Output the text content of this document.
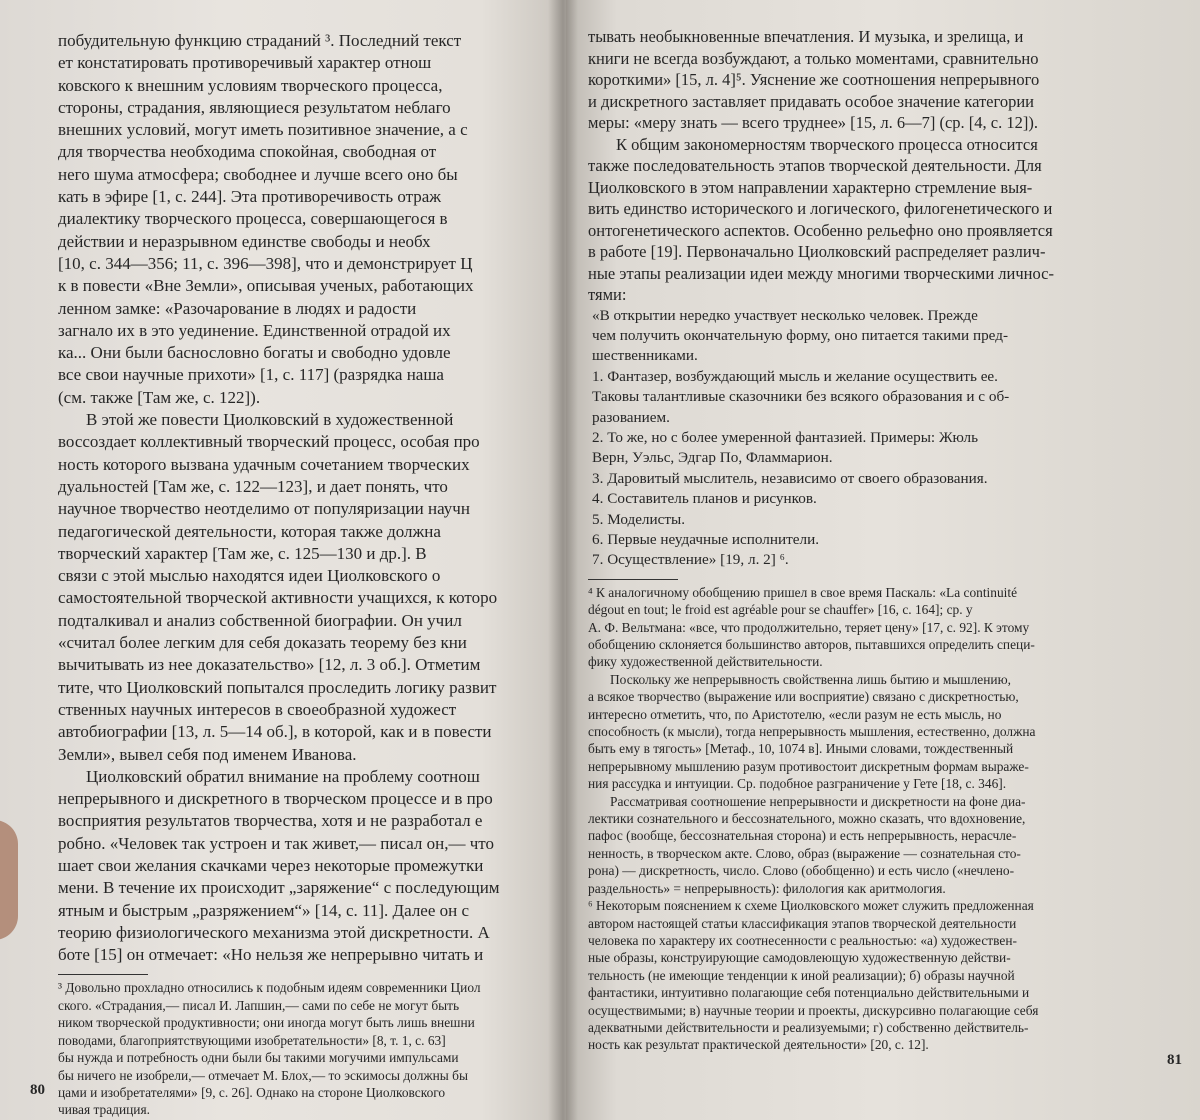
побудительную функцию страданий ³. Последний текст

ет констатировать противоречивый характер отнош

ковского к внешним условиям творческого процесса,

стороны, страдания, являющиеся результатом неблаго

внешних условий, могут иметь позитивное значение, а с

для творчества необходима спокойная, свободная от

него шума атмосфера; свободнее и лучше всего оно бы

кать в эфире [1, с. 244]. Эта противоречивость отраж

диалектику творческого процесса, совершающегося в

действии и неразрывном единстве свободы и необх

[10, с. 344—356; 11, с. 396—398], что и демонстрирует Ц

к в повести «Вне Земли», описывая ученых, работающих

ленном замке: «Разочарование в людях и радости

загнало их в это уединение. Единственной отрадой их

ка... Они были баснословно богаты и свободно удовле

все свои научные прихоти» [1, с. 117] (разрядка наша

(см. также [Там же, с. 122]).

В этой же повести Циолковский в художественной

воссоздает коллективный творческий процесс, особая про

ность которого вызвана удачным сочетанием творческих

дуальностей [Там же, с. 122—123], и дает понять, что

научное творчество неотделимо от популяризации научн

педагогической деятельности, которая также должна

творческий характер [Там же, с. 125—130 и др.]. В

связи с этой мыслью находятся идеи Циолковского о

самостоятельной творческой активности учащихся, к которо

подталкивал и анализ собственной биографии. Он учил

«считал более легким для себя доказать теорему без кни

вычитывать из нее доказательство» [12, л. 3 об.]. Отметим

тите, что Циолковский попытался проследить логику развит

ственных научных интересов в своеобразной художест

автобиографии [13, л. 5—14 об.], в которой, как и в повести

Земли», вывел себя под именем Иванова.

Циолковский обратил внимание на проблему соотнош

непрерывного и дискретного в творческом процессе и в про

восприятия результатов творчества, хотя и не разработал е

робно. «Человек так устроен и так живет,— писал он,— что

шает свои желания скачками через некоторые промежутки

мени. В течение их происходит „заряжение“ с последующим

ятным и быстрым „разряжением“» [14, с. 11]. Далее он с

теорию физиологического механизма этой дискретности. А

боте [15] он отмечает: «Но нельзя же непрерывно читать и

³ Довольно прохладно относились к подобным идеям современники Циол

ского. «Страдания,— писал И. Лапшин,— сами по себе не могут быть

ником творческой продуктивности; они иногда могут быть лишь внешни

поводами, благоприятствующими изобретательности» [8, т. 1, с. 63]

бы нужда и потребность одни были бы такими могучими импульсами

бы ничего не изобрели,— отмечает М. Блох,— то эскимосы должны бы

цами и изобретателями» [9, с. 26]. Однако на стороне Циолковского

чивая традиция.

80

тывать необыкновенные впечатления. И музыка, и зрелища, и

книги не всегда возбуждают, а только моментами, сравнительно

короткими» [15, л. 4]⁵. Уяснение же соотношения непрерывного

и дискретного заставляет придавать особое значение категории

меры: «меру знать — всего труднее» [15, л. 6—7] (ср. [4, с. 12]).

К общим закономерностям творческого процесса относится

также последовательность этапов творческой деятельности. Для

Циолковского в этом направлении характерно стремление выя-

вить единство исторического и логического, филогенетического и

онтогенетического аспектов. Особенно рельефно оно проявляется

в работе [19]. Первоначально Циолковский распределяет различ-

ные этапы реализации идеи между многими творческими личнос-

тями:

«В открытии нередко участвует несколько человек. Прежде

чем получить окончательную форму, оно питается такими пред-

шественниками.

1. Фантазер, возбуждающий мысль и желание осуществить ее.

Таковы талантливые сказочники без всякого образования и с об-

разованием.

2. То же, но с более умеренной фантазией. Примеры: Жюль

Верн, Уэльс, Эдгар По, Фламмарион.

3. Даровитый мыслитель, независимо от своего образования.

4. Составитель планов и рисунков.

5. Моделисты.

6. Первые неудачные исполнители.

7. Осуществление» [19, л. 2] ⁶.

⁴ К аналогичному обобщению пришел в свое время Паскаль: «La continuité

dégout en tout; le froid est agréable pour se chauffer» [16, с. 164]; ср. у

А. Ф. Вельтмана: «все, что продолжительно, теряет цену» [17, с. 92]. К этому

обобщению склоняется большинство авторов, пытавшихся определить специ-

фику художественной действительности.

Поскольку же непрерывность свойственна лишь бытию и мышлению,

а всякое творчество (выражение или восприятие) связано с дискретностью,

интересно отметить, что, по Аристотелю, «если разум не есть мысль, но

способность (к мысли), тогда непрерывность мышления, естественно, должна

быть ему в тягость» [Метаф., 10, 1074 в]. Иными словами, тождественный

непрерывному мышлению разум противостоит дискретным формам выраже-

ния рассудка и интуиции. Ср. подобное разграничение у Гете [18, с. 346].

Рассматривая соотношение непрерывности и дискретности на фоне диа-

лектики сознательного и бессознательного, можно сказать, что вдохновение,

пафос (вообще, бессознательная сторона) и есть непрерывность, нерасчле-

ненность, в творческом акте. Слово, образ (выражение — сознательная сто-

рона) — дискретность, число. Слово (обобщенно) и есть число («нечлено-

раздельность» = непрерывность): филология как аритмология.

⁶ Некоторым пояснением к схеме Циолковского может служить предложенная

автором настоящей статьи классификация этапов творческой деятельности

человека по характеру их соотнесенности с реальностью: «а) художествен-

ные образы, конструирующие самодовлеющую художественную действи-

тельность (не имеющие тенденции к иной реализации); б) образы научной

фантастики, интуитивно полагающие себя потенциально действительными и

осуществимыми; в) научные теории и проекты, дискурсивно полагающие себя

адекватными действительности и реализуемыми; г) собственно действитель-

ность как результат практической деятельности» [20, с. 12].

81
